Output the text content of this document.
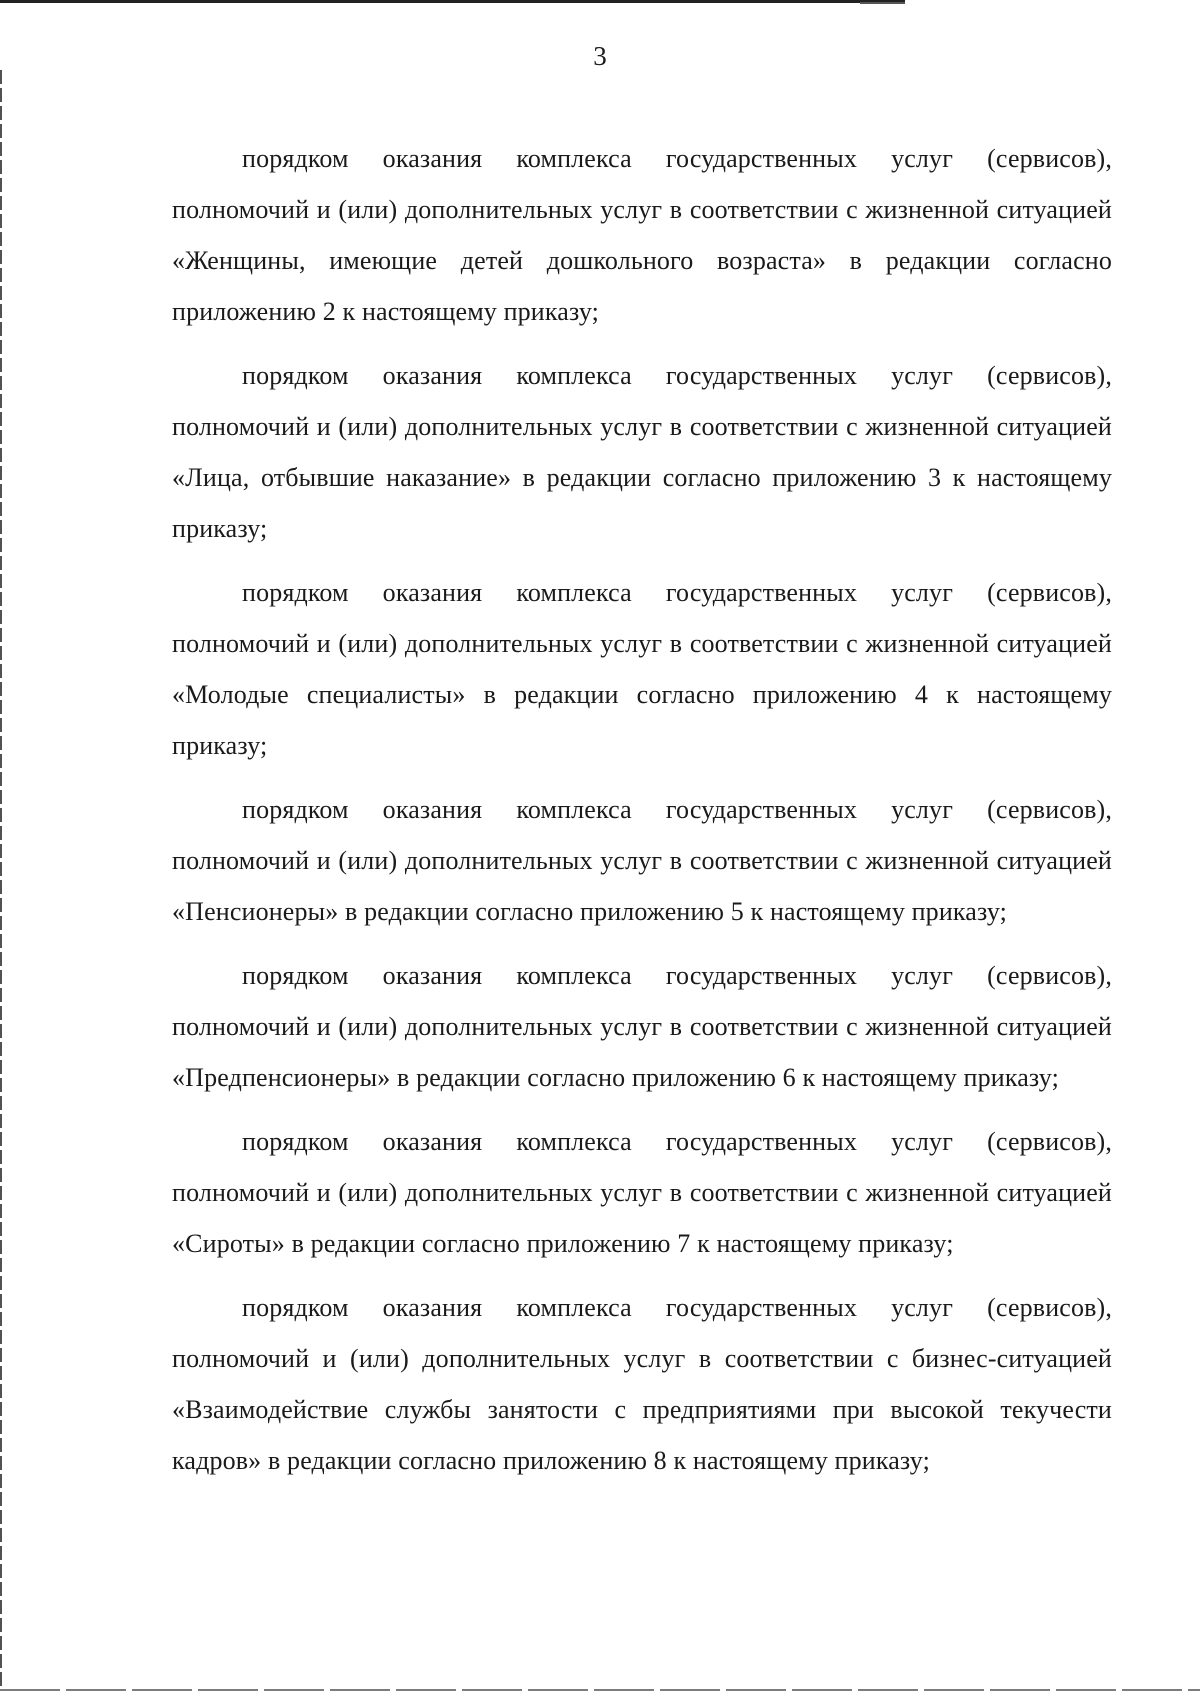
3

порядком оказания комплекса государственных услуг (сервисов), полномочий и (или) дополнительных услуг в соответствии с жизненной ситуацией «Женщины, имеющие детей дошкольного возраста» в редакции согласно приложению 2 к настоящему приказу;

порядком оказания комплекса государственных услуг (сервисов), полномочий и (или) дополнительных услуг в соответствии с жизненной ситуацией «Лица, отбывшие наказание» в редакции согласно приложению 3 к настоящему приказу;

порядком оказания комплекса государственных услуг (сервисов), полномочий и (или) дополнительных услуг в соответствии с жизненной ситуацией «Молодые специалисты» в редакции согласно приложению 4 к настоящему приказу;

порядком оказания комплекса государственных услуг (сервисов), полномочий и (или) дополнительных услуг в соответствии с жизненной ситуацией «Пенсионеры» в редакции согласно приложению 5 к настоящему приказу;

порядком оказания комплекса государственных услуг (сервисов), полномочий и (или) дополнительных услуг в соответствии с жизненной ситуацией «Предпенсионеры» в редакции согласно приложению 6 к настоящему приказу;

порядком оказания комплекса государственных услуг (сервисов), полномочий и (или) дополнительных услуг в соответствии с жизненной ситуацией «Сироты» в редакции согласно приложению 7 к настоящему приказу;

порядком оказания комплекса государственных услуг (сервисов), полномочий и (или) дополнительных услуг в соответствии с бизнес-ситуацией «Взаимодействие службы занятости с предприятиями при высокой текучести кадров» в редакции согласно приложению 8 к настоящему приказу;
